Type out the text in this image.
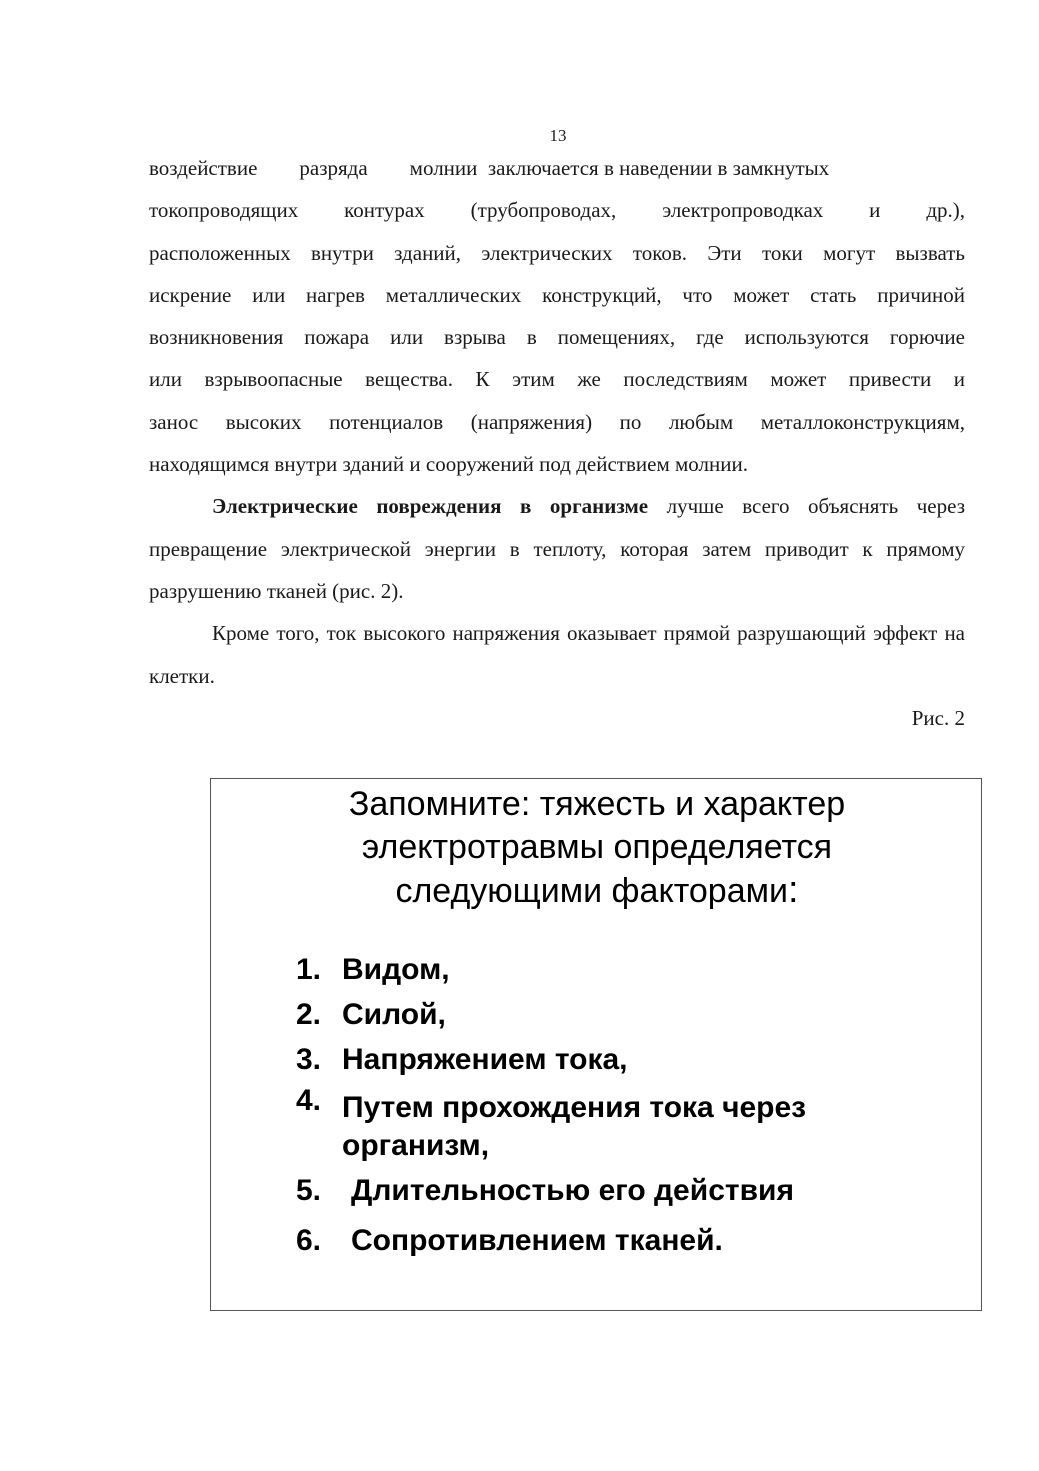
13

воздействие        разряда        молнии  заключается в наведении в замкнутых
токопроводящих контурах (трубопроводах, электропроводках и др.),
расположенных внутри зданий, электрических токов. Эти токи могут вызвать
искрение или нагрев металлических конструкций, что может стать причиной
возникновения пожара или взрыва в помещениях, где используются горючие
или взрывоопасные вещества. К этим же последствиям может привести и
занос высоких потенциалов (напряжения) по любым металлоконструкциям,
находящимся внутри зданий и сооружений под действием молнии.

Электрические повреждения в организме лучше всего объяснять через превращение электрической энергии в теплоту, которая затем приводит к прямому разрушению тканей (рис. 2).

Кроме того, ток высокого напряжения оказывает прямой разрушающий эффект на клетки.

Рис. 2

Запомните: тяжесть и характер
электротравмы определяется
следующими факторами:
1. Видом,
2. Силой,
3. Напряжением тока,
4. Путем прохождения тока через организм,
5. Длительностью его действия
6. Сопротивлением тканей.
